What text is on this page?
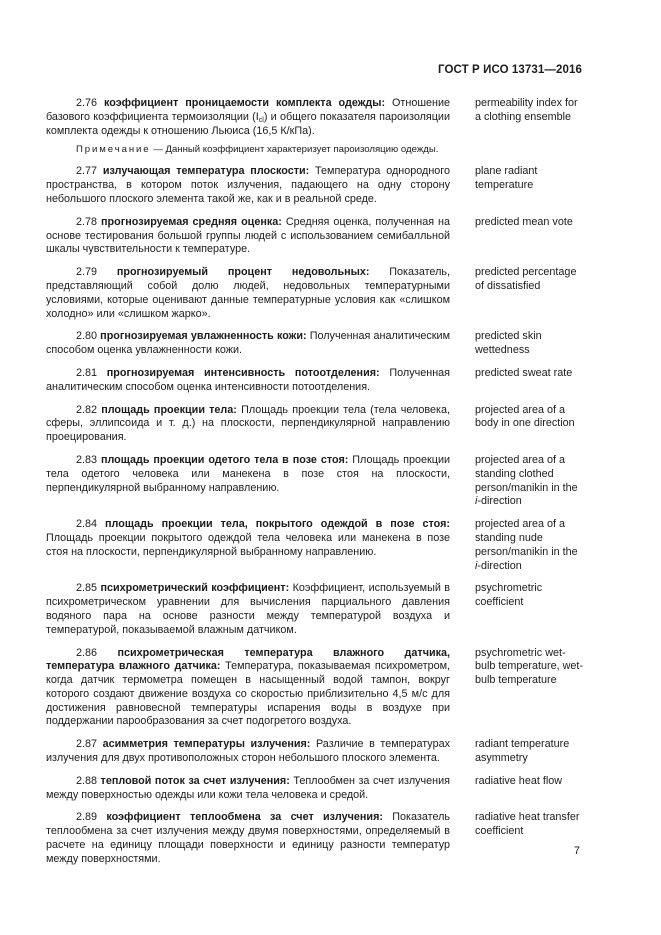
ГОСТ Р ИСО 13731—2016

2.76 коэффициент проницаемости комплекта одежды: Отношение базового коэффициента термоизоляции $(I_{cl})$ и общего показателя пароизоляции комплекта одежды к отношению Льюиса (16,5 К/кПа).

permeability index for a clothing ensemble

Примечание — Данный коэффициент характеризует пароизоляцию одежды.

2.77 излучающая температура плоскости: Температура однородного пространства, в котором поток излучения, падающего на одну сторону небольшого плоского элемента такой же, как и в реальной среде.

plane radiant temperature

2.78 прогнозируемая средняя оценка: Средняя оценка, полученная на основе тестирования большой группы людей с использованием семибалльной шкалы чувствительности к температуре.

predicted mean vote

2.79 прогнозируемый процент недовольных: Показатель, представляющий собой долю людей, недовольных температурными условиями, которые оценивают данные температурные условия как «слишком холодно» или «слишком жарко».

predicted percentage of dissatisfied

2.80 прогнозируемая увлажненность кожи: Полученная аналитическим способом оценка увлажненности кожи.

predicted skin wettedness

2.81 прогнозируемая интенсивность потоотделения: Полученная аналитическим способом оценка интенсивности потоотделения.

predicted sweat rate

2.82 площадь проекции тела: Площадь проекции тела (тела человека, сферы, эллипсоида и т. д.) на плоскости, перпендикулярной направлению проецирования.

projected area of a body in one direction

2.83 площадь проекции одетого тела в позе стоя: Площадь проекции тела одетого человека или манекена в позе стоя на плоскости, перпендикулярной выбранному направлению.

projected area of a standing clothed person/manikin in the i-direction

2.84 площадь проекции тела, покрытого одеждой в позе стоя: Площадь проекции покрытого одеждой тела человека или манекена в позе стоя на плоскости, перпендикулярной выбранному направлению.

projected area of a standing nude person/manikin in the i-direction

2.85 психрометрический коэффициент: Коэффициент, используемый в психрометрическом уравнении для вычисления парциального давления водяного пара на основе разности между температурой воздуха и температурой, показываемой влажным датчиком.

psychrometric coefficient

2.86 психрометрическая температура влажного датчика, температура влажного датчика: Температура, показываемая психрометром, когда датчик термометра помещен в насыщенный водой тампон, вокруг которого создают движение воздуха со скоростью приблизительно 4,5 м/с для достижения равновесной температуры испарения воды в воздухе при поддержании парообразования за счет подогретого воздуха.

psychrometric wet-bulb temperature, wet-bulb temperature

2.87 асимметрия температуры излучения: Различие в температурах излучения для двух противоположных сторон небольшого плоского элемента.

radiant temperature asymmetry

2.88 тепловой поток за счет излучения: Теплообмен за счет излучения между поверхностью одежды или кожи тела человека и средой.

radiative heat flow

2.89 коэффициент теплообмена за счет излучения: Показатель теплообмена за счет излучения между двумя поверхностями, определяемый в расчете на единицу площади поверхности и единицу разности температур между поверхностями.

radiative heat transfer coefficient
7
